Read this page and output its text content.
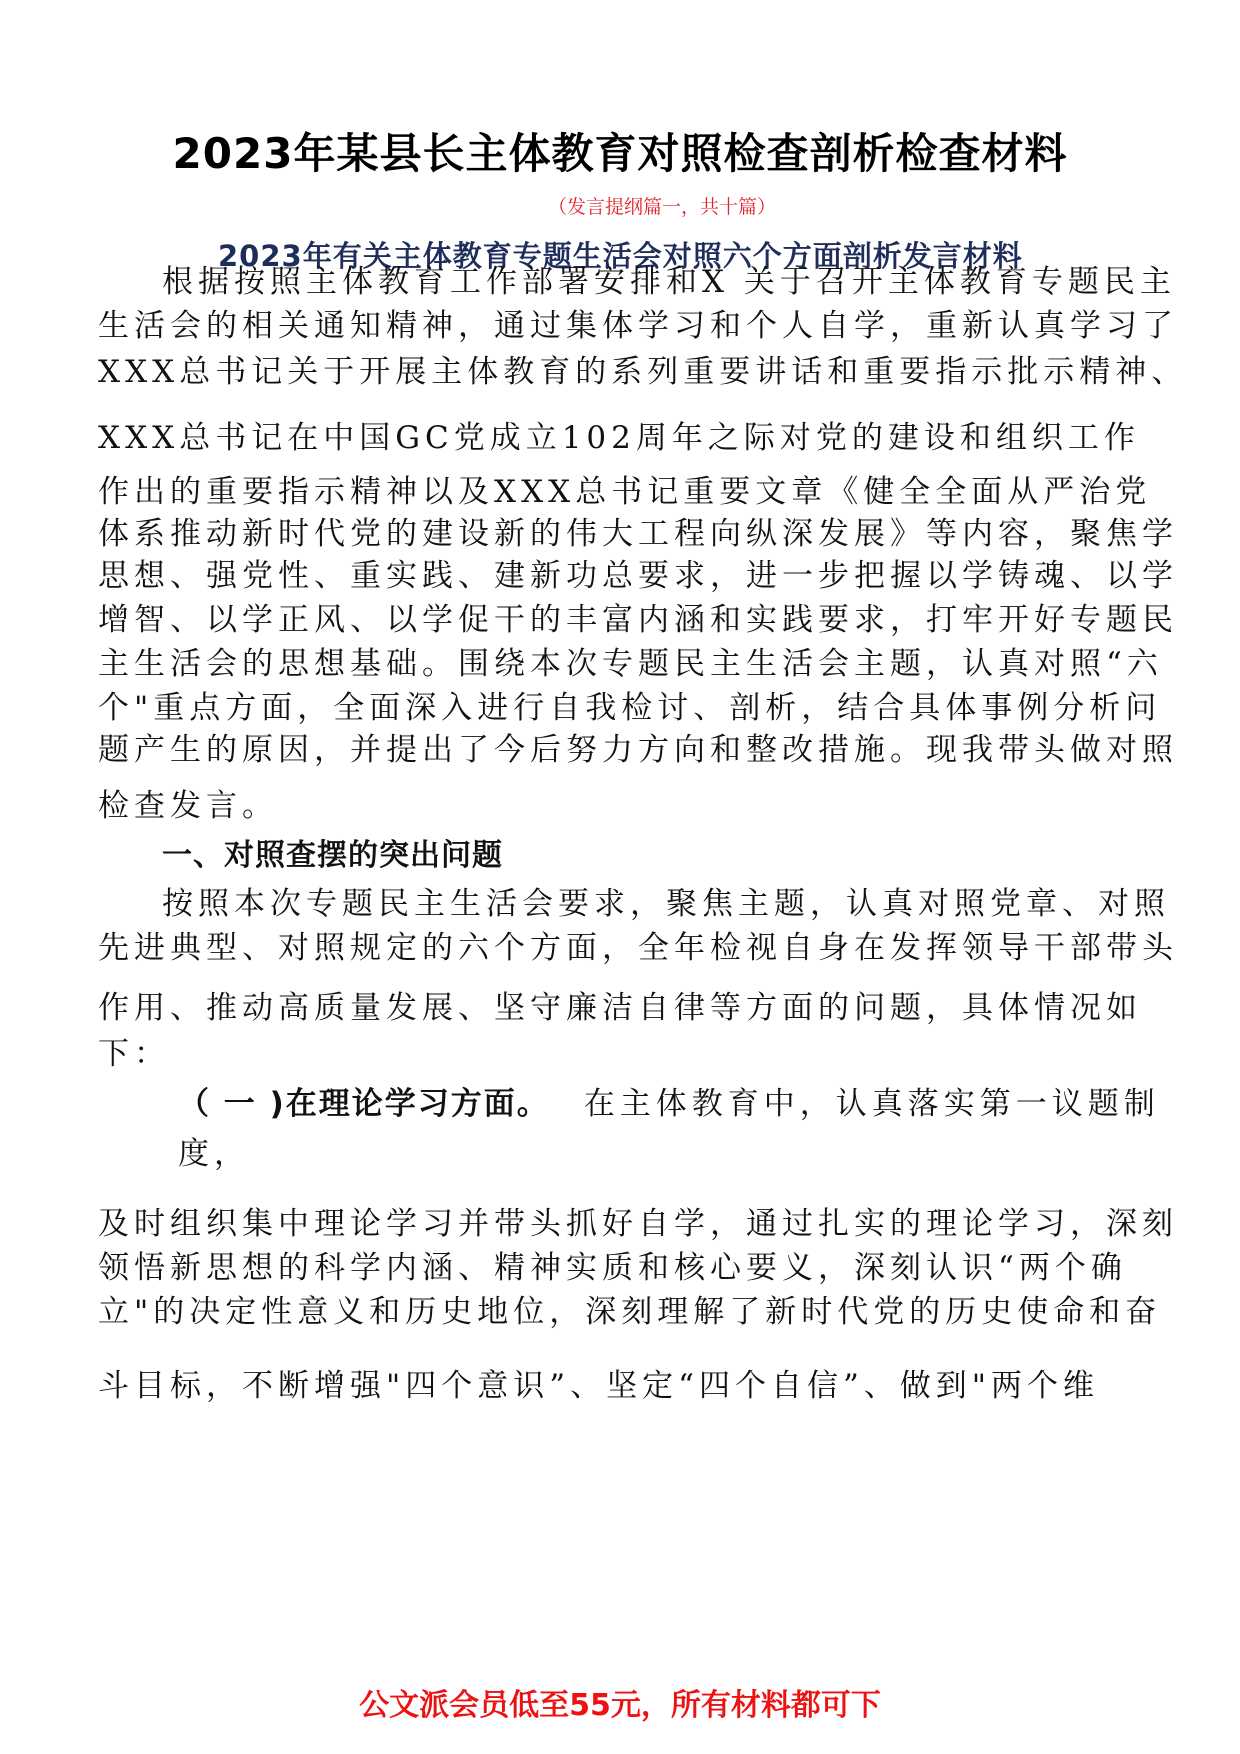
2023年某县长主体教育对照检查剖析检查材料
（发言提纲篇一，共十篇）
2023年有关主体教育专题生活会对照六个方面剖析发言材料
根据按照主体教育工作部署安排和X 关于召开主体教育专题民主
生活会的相关通知精神，通过集体学习和个人自学，重新认真学习了
XXX总书记关于开展主体教育的系列重要讲话和重要指示批示精神、
XXX总书记在中国GC党成立102周年之际对党的建设和组织工作
作出的重要指示精神以及XXX总书记重要文章《健全全面从严治党
体系推动新时代党的建设新的伟大工程向纵深发展》等内容，聚焦学
思想、强党性、重实践、建新功总要求，进一步把握以学铸魂、以学
增智、以学正风、以学促干的丰富内涵和实践要求，打牢开好专题民
主生活会的思想基础。围绕本次专题民主生活会主题，认真对照“六
个"重点方面，全面深入进行自我检讨、剖析，结合具体事例分析问
题产生的原因，并提出了今后努力方向和整改措施。现我带头做对照
检查发言。
一、对照查摆的突出问题
按照本次专题民主生活会要求，聚焦主题，认真对照党章、对照
先进典型、对照规定的六个方面，全年检视自身在发挥领导干部带头
作用、推动高质量发展、坚守廉洁自律等方面的问题，具体情况如
下：
（ 一 )在理论学习方面。 在主体教育中，认真落实第一议题制
度，
及时组织集中理论学习并带头抓好自学，通过扎实的理论学习，深刻
领悟新思想的科学内涵、精神实质和核心要义，深刻认识“两个确
立"的决定性意义和历史地位，深刻理解了新时代党的历史使命和奋
斗目标，不断增强"四个意识”、坚定“四个自信”、做到"两个维
公文派会员低至55元，所有材料都可下
